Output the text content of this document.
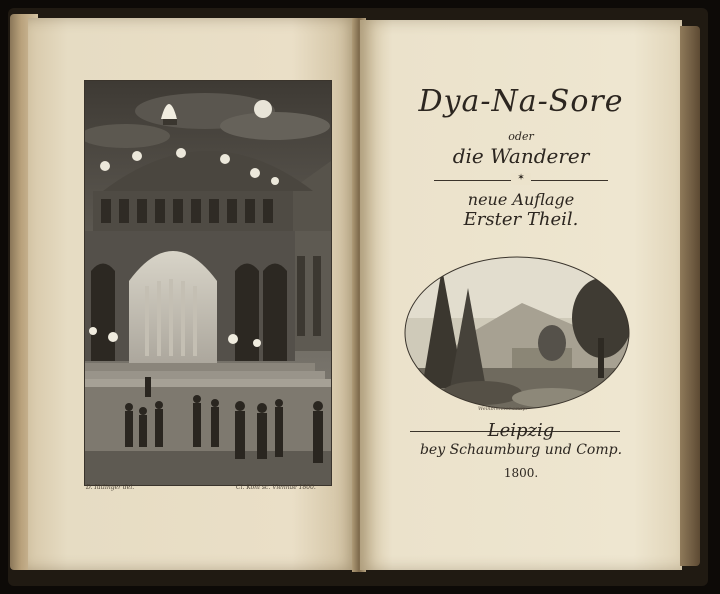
D. Iütlinger del.	Cl. Kohl sc. Viennae 1800.
Dya-Na-Sore
oder
die Wanderer
✶
neue Auflage
Erster Theil.
Weinbrenner sculp.
Leipzig
bey Schaumburg und Comp.
1800.
